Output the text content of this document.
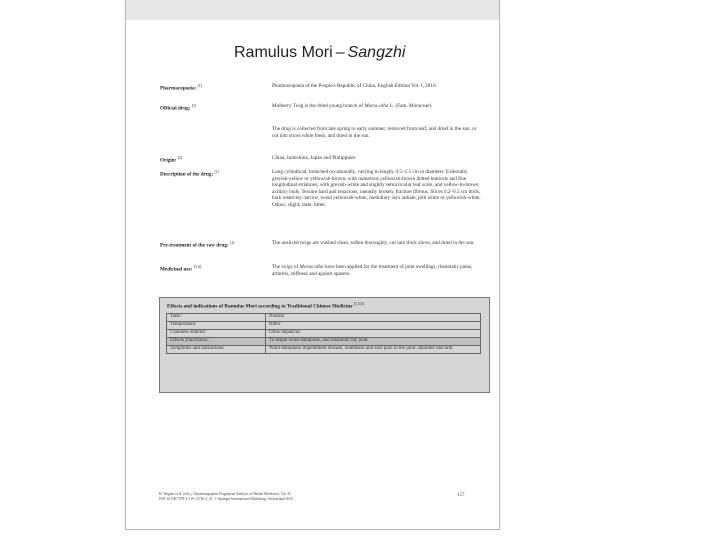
Ramulus Mori – Sangzhi
Pharmacopoeia: [1]	Pharmacopoeia of the People's Republic of China, English Edition Vol. I, 2010.
Official drug: [1]	Mulberry Twig is the dried young branch of Morus alba L. (Fam. Moraceae).
The drug is collected from late spring to early summer, removed from leaf, and dried in the sun, or cut into slices while fresh, and dried in the sun.
Origin: [2]	China, Indochina, Japan and Philippines
Description of the drug: [1]	Long cylindrical, branched occasionally, varying in length, 0.5–1.5 cm in diameter. Externally greyish-yellow or yellowish-brown, with numerous yellowish-brown dotted lenticels and fine longitudinal striations, with greyish-white and slightly semicircular leaf scars, and yellow-to-brown axillary buds. Texture hard and tenacious, uneasily broken, fracture fibrous. Slices 0.2–0.5 cm thick, bark relatively narrow, wood yellowish-white, medullary rays radiate, pith white or yellowish-white. Odour, slight; taste, bitter.
Pre-treatment of the raw drug: [1]	The unsliced twigs are washed clean, soften thoroughly, cut into thick slices, and dried in the sun.
Medicinal use: [3,4]	The twigs of Morus alba have been applied for the treatment of joint swellings, rheumatic pains, arthritis, stiffness and against spasms.
Effects and indications of Ramulus Mori according to Traditional Chinese Medicine [1,5,6]
Taste:	Neutral
Temperature:	Bitter
Channels entered:	Orbis hepaticus
Effects (functions):	To dispel wind-dampness, and disinhibit the joint
Symptoms and indications:	Wind-dampness impediment disease, numbness and sore pain in the joint, shoulder and arm
H. Wagner et al. (eds.), Chromatographic Fingerprint Analysis of Herbal Medicines, Vol. II,
DOI 10.1007/978-3-319-12726-2_31, © Springer International Publishing, Switzerland 2015
157
